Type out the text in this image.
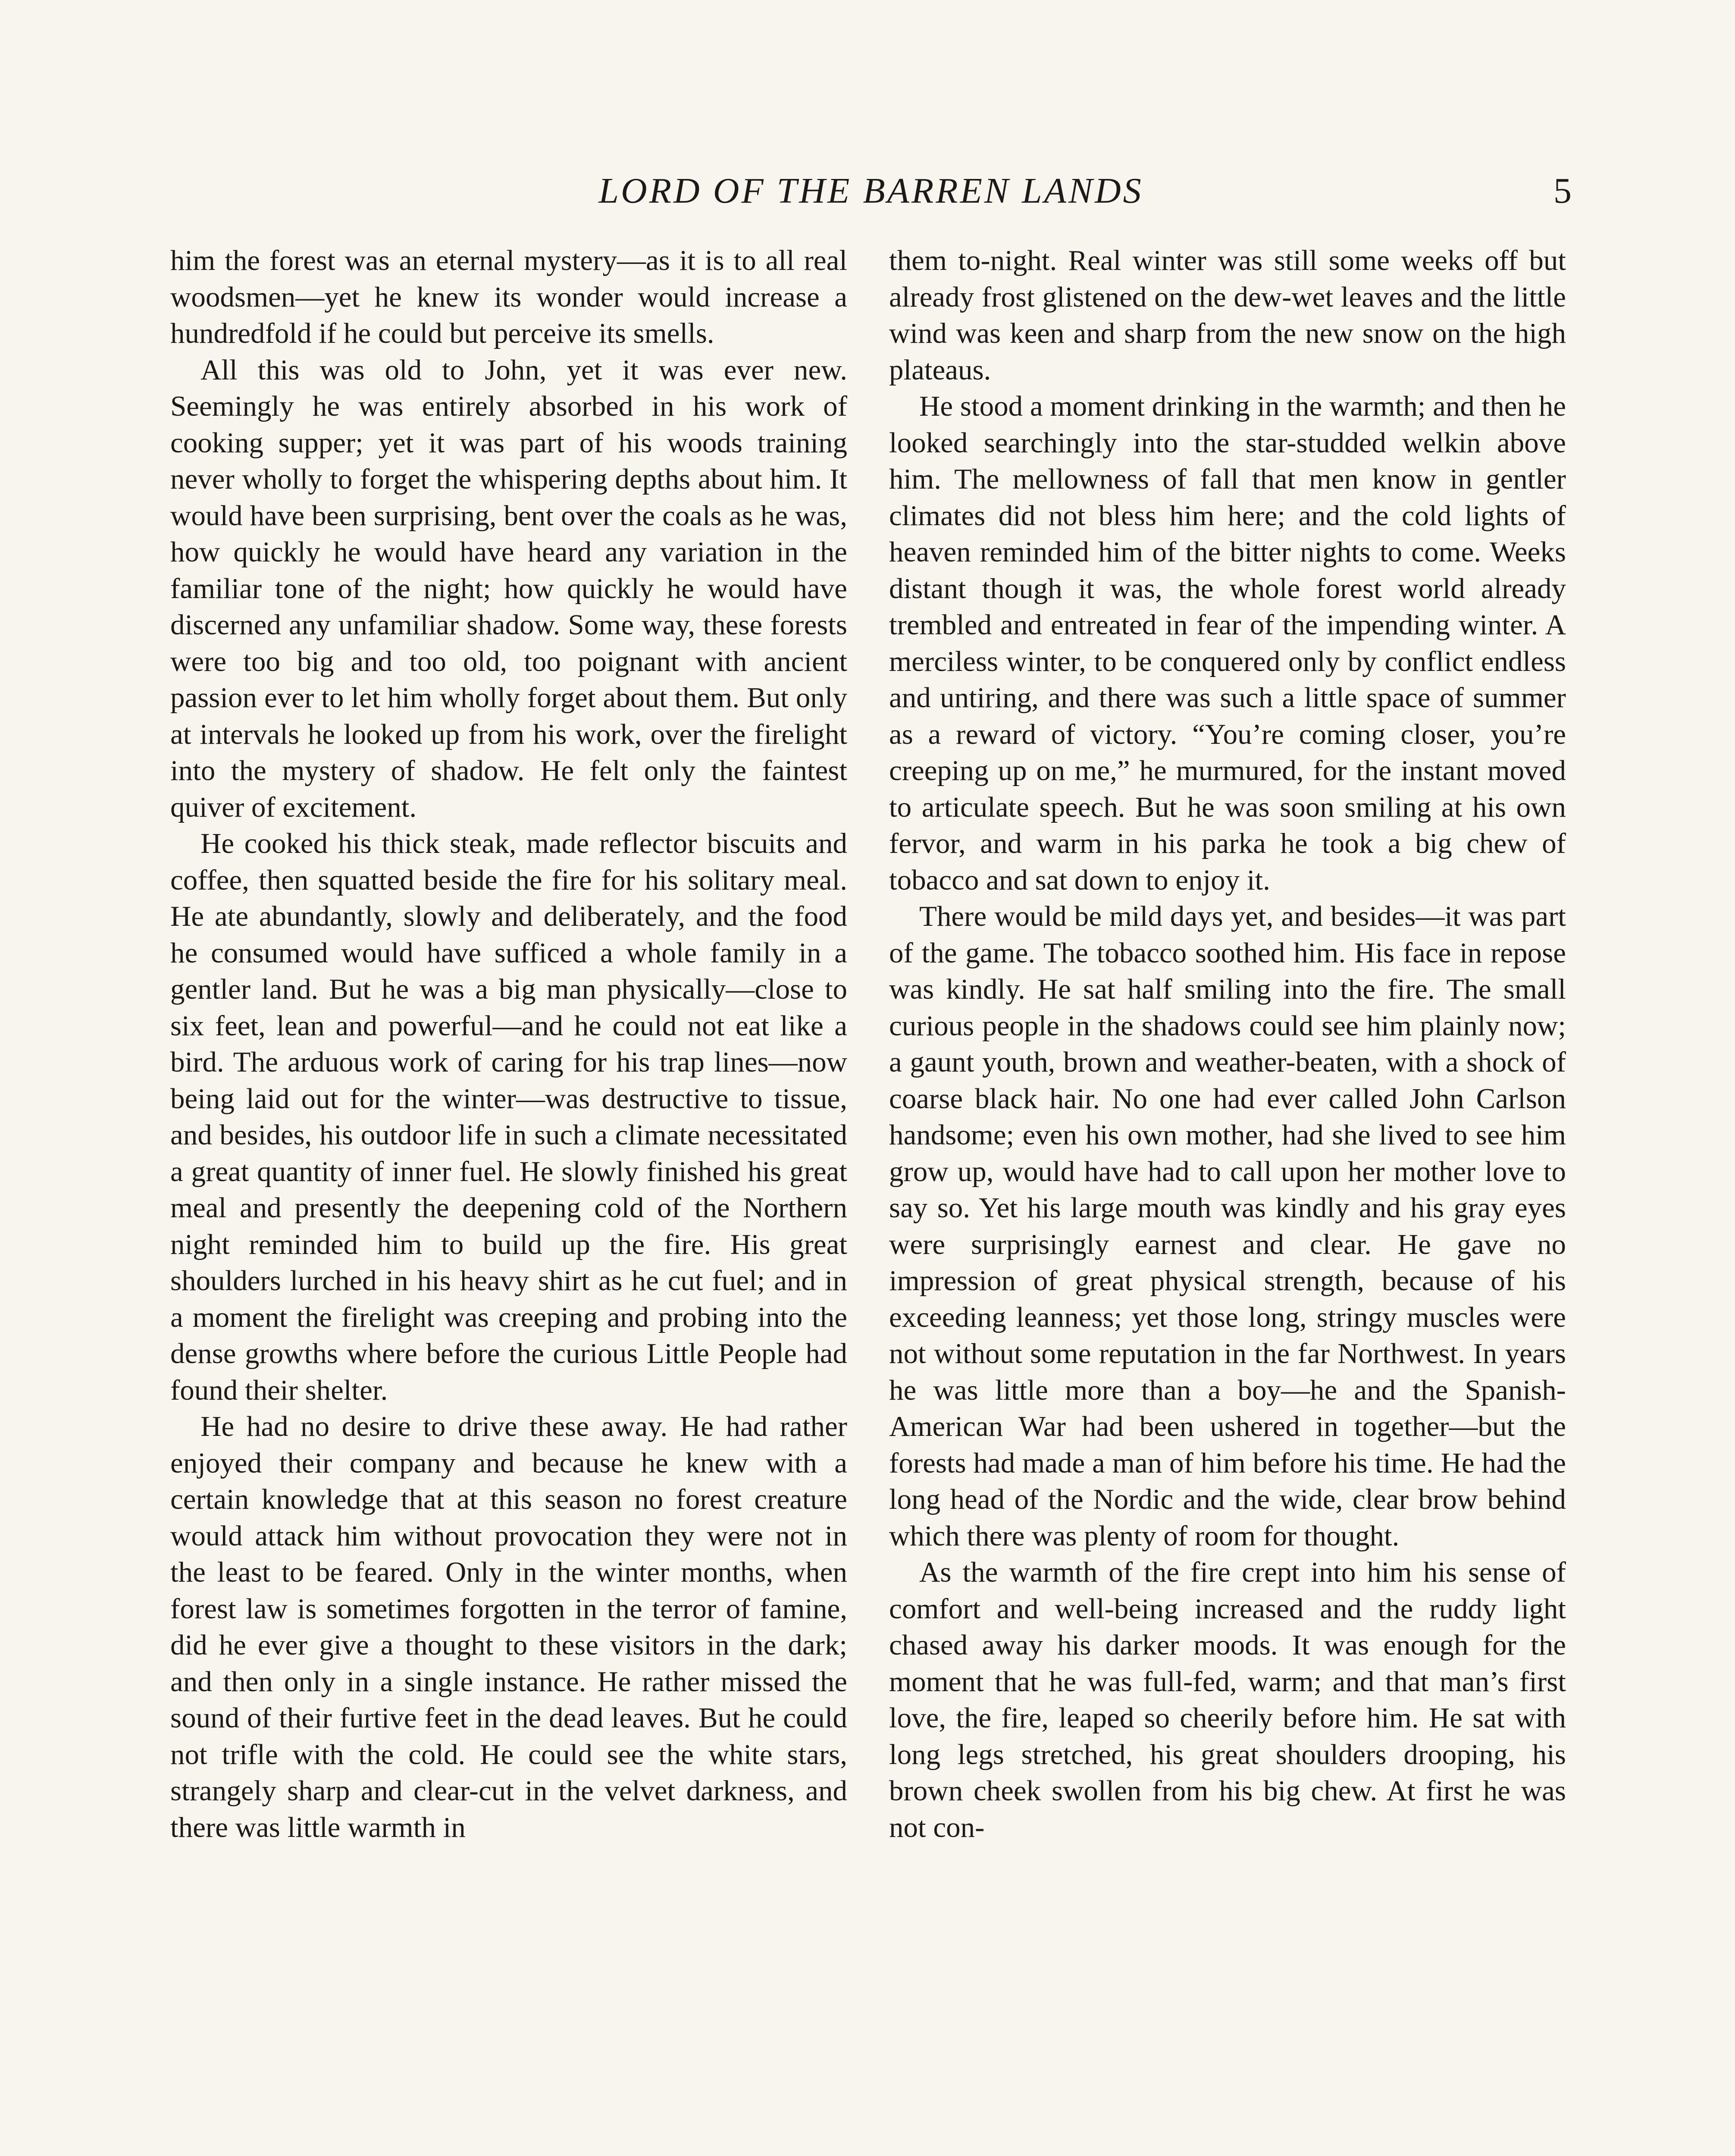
LORD OF THE BARREN LANDS	5

him the forest was an eternal mystery—as it is to all real woodsmen—yet he knew its wonder would increase a hundredfold if he could but perceive its smells.

All this was old to John, yet it was ever new. Seemingly he was entirely absorbed in his work of cooking supper; yet it was part of his woods training never wholly to forget the whispering depths about him. It would have been surprising, bent over the coals as he was, how quickly he would have heard any variation in the familiar tone of the night; how quickly he would have discerned any unfamiliar shadow. Some way, these forests were too big and too old, too poignant with ancient passion ever to let him wholly forget about them. But only at intervals he looked up from his work, over the firelight into the mystery of shadow. He felt only the faintest quiver of excitement.

He cooked his thick steak, made reflector biscuits and coffee, then squatted beside the fire for his solitary meal. He ate abundantly, slowly and deliberately, and the food he consumed would have sufficed a whole family in a gentler land. But he was a big man physically—close to six feet, lean and powerful—and he could not eat like a bird. The arduous work of caring for his trap lines—now being laid out for the winter—was destructive to tissue, and besides, his outdoor life in such a climate necessitated a great quantity of inner fuel. He slowly finished his great meal and presently the deepening cold of the Northern night reminded him to build up the fire. His great shoulders lurched in his heavy shirt as he cut fuel; and in a moment the firelight was creeping and probing into the dense growths where before the curious Little People had found their shelter.

He had no desire to drive these away. He had rather enjoyed their company and because he knew with a certain knowledge that at this season no forest creature would attack him without provocation they were not in the least to be feared. Only in the winter months, when forest law is sometimes forgotten in the terror of famine, did he ever give a thought to these visitors in the dark; and then only in a single instance. He rather missed the sound of their furtive feet in the dead leaves. But he could not trifle with the cold. He could see the white stars, strangely sharp and clear-cut in the velvet darkness, and there was little warmth in

them to-night. Real winter was still some weeks off but already frost glistened on the dew-wet leaves and the little wind was keen and sharp from the new snow on the high plateaus.

He stood a moment drinking in the warmth; and then he looked searchingly into the star-studded welkin above him. The mellowness of fall that men know in gentler climates did not bless him here; and the cold lights of heaven reminded him of the bitter nights to come. Weeks distant though it was, the whole forest world already trembled and entreated in fear of the impending winter. A merciless winter, to be conquered only by conflict endless and untiring, and there was such a little space of summer as a reward of victory. “You’re coming closer, you’re creeping up on me,” he murmured, for the instant moved to articulate speech. But he was soon smiling at his own fervor, and warm in his parka he took a big chew of tobacco and sat down to enjoy it.

There would be mild days yet, and besides—it was part of the game. The tobacco soothed him. His face in repose was kindly. He sat half smiling into the fire. The small curious people in the shadows could see him plainly now; a gaunt youth, brown and weather-beaten, with a shock of coarse black hair. No one had ever called John Carlson handsome; even his own mother, had she lived to see him grow up, would have had to call upon her mother love to say so. Yet his large mouth was kindly and his gray eyes were surprisingly earnest and clear. He gave no impression of great physical strength, because of his exceeding leanness; yet those long, stringy muscles were not without some reputation in the far Northwest. In years he was little more than a boy—he and the Spanish-American War had been ushered in together—but the forests had made a man of him before his time. He had the long head of the Nordic and the wide, clear brow behind which there was plenty of room for thought.

As the warmth of the fire crept into him his sense of comfort and well-being increased and the ruddy light chased away his darker moods. It was enough for the moment that he was full-fed, warm; and that man’s first love, the fire, leaped so cheerily before him. He sat with long legs stretched, his great shoulders drooping, his brown cheek swollen from his big chew. At first he was not con-
